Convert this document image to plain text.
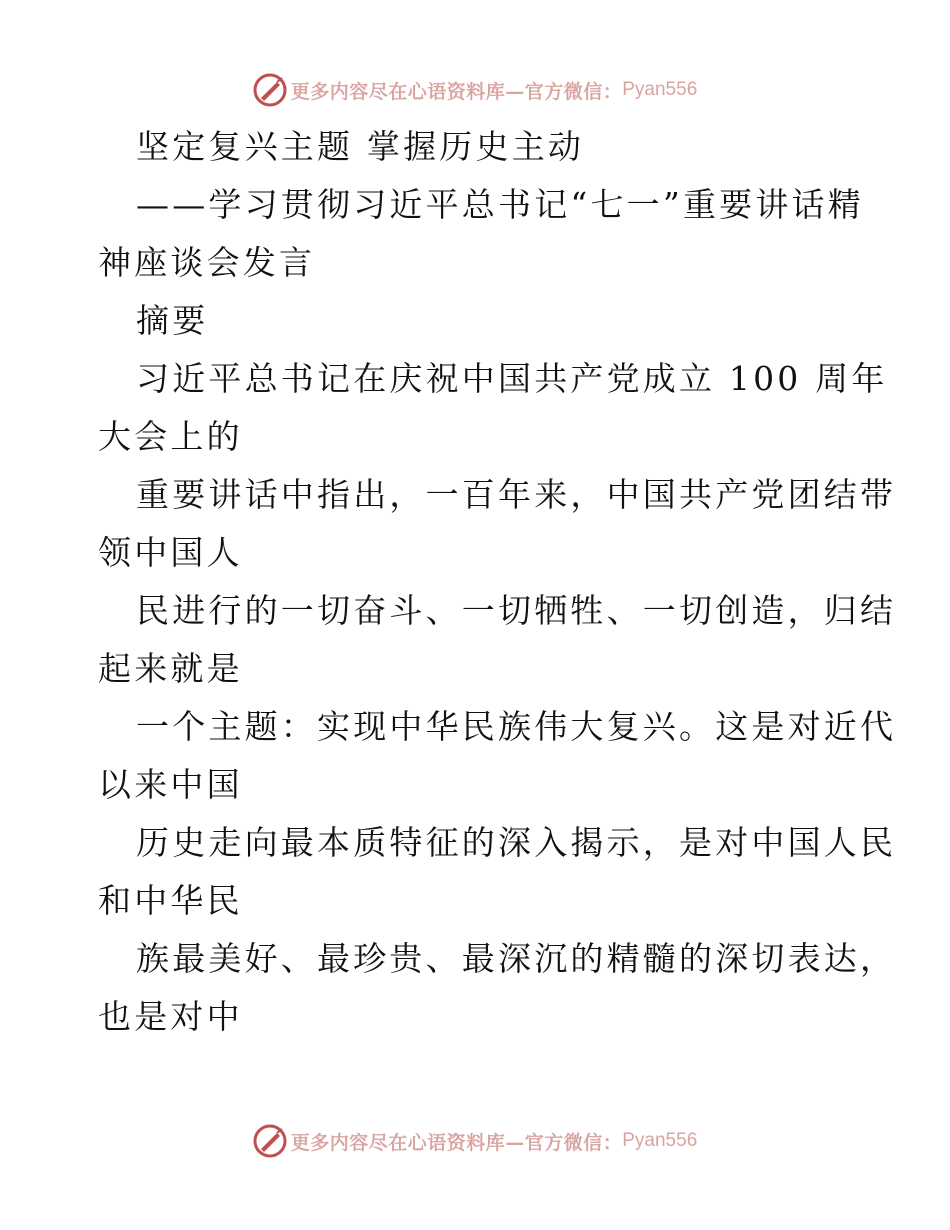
更多内容尽在心语资料库—官方微信： Pyan556
坚定复兴主题 掌握历史主动
——学习贯彻习近平总书记“七一”重要讲话精
神座谈会发言
摘要
习近平总书记在庆祝中国共产党成立 100 周年
大会上的
重要讲话中指出，一百年来，中国共产党团结带
领中国人
民进行的一切奋斗、一切牺牲、一切创造，归结
起来就是
一个主题：实现中华民族伟大复兴。这是对近代
以来中国
历史走向最本质特征的深入揭示，是对中国人民
和中华民
族最美好、最珍贵、最深沉的精髓的深切表达，
也是对中
更多内容尽在心语资料库—官方微信： Pyan556
